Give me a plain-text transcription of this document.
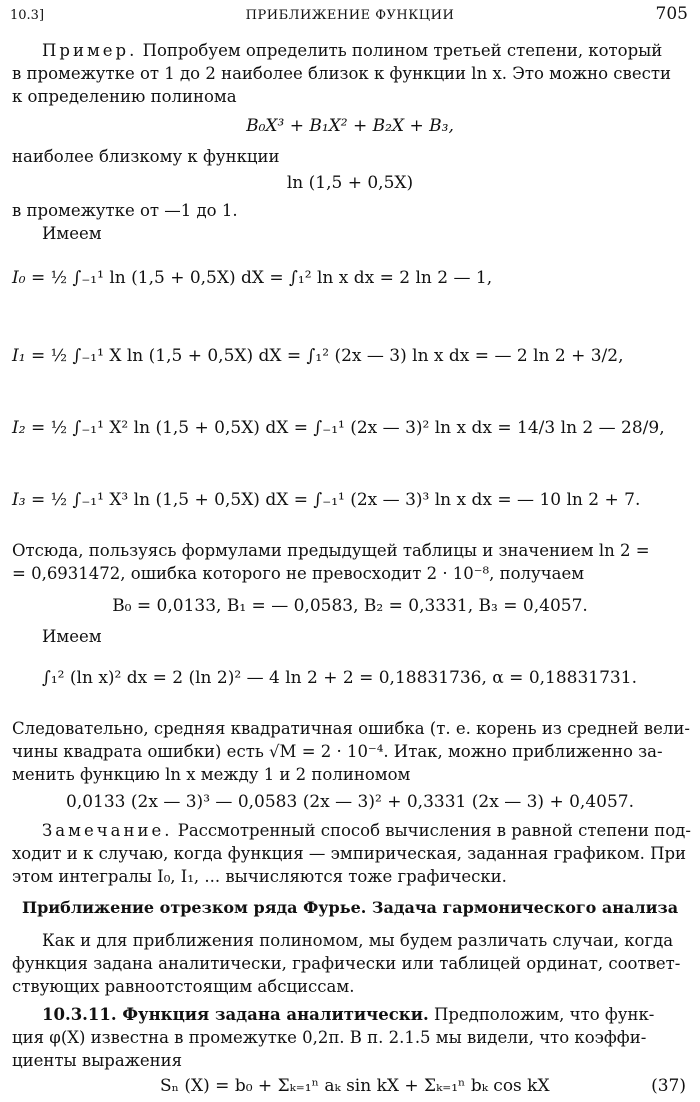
10.3]	ПРИБЛИЖЕНИЕ ФУНКЦИИ	705
Пример. Попробуем определить полином третьей степени, который
в промежутке от 1 до 2 наиболее близок к функции ln x. Это можно свести
к определению полинома
B₀X³ + B₁X² + B₂X + B₃,
наиболее близкому к функции
ln (1,5 + 0,5X)
в промежутке от —1 до 1.
Имеем
I₀ = ½ ∫₋₁¹ ln (1,5 + 0,5X) dX = ∫₁² ln x dx = 2 ln 2 — 1,
I₁ = ½ ∫₋₁¹ X ln (1,5 + 0,5X) dX = ∫₁² (2x — 3) ln x dx = — 2 ln 2 + 3/2,
I₂ = ½ ∫₋₁¹ X² ln (1,5 + 0,5X) dX = ∫₋₁¹ (2x — 3)² ln x dx = 14/3 ln 2 — 28/9,
I₃ = ½ ∫₋₁¹ X³ ln (1,5 + 0,5X) dX = ∫₋₁¹ (2x — 3)³ ln x dx = — 10 ln 2 + 7.
Отсюда, пользуясь формулами предыдущей таблицы и значением ln 2 =
= 0,6931472, ошибка которого не превосходит 2 · 10⁻⁸, получаем
B₀ = 0,0133, B₁ = — 0,0583, B₂ = 0,3331, B₃ = 0,4057.
Имеем
∫₁² (ln x)² dx = 2 (ln 2)² — 4 ln 2 + 2 = 0,18831736, α = 0,18831731.
Следовательно, средняя квадратичная ошибка (т. е. корень из средней вели-
чины квадрата ошибки) есть √M = 2 · 10⁻⁴. Итак, можно приближенно за-
менить функцию ln x между 1 и 2 полиномом
0,0133 (2x — 3)³ — 0,0583 (2x — 3)² + 0,3331 (2x — 3) + 0,4057.
Замечание. Рассмотренный способ вычисления в равной степени под-
ходит и к случаю, когда функция — эмпирическая, заданная графиком. При
этом интегралы I₀, I₁, ... вычисляются тоже графически.
Приближение отрезком ряда Фурье. Задача гармонического анализа
Как и для приближения полиномом, мы будем различать случаи, когда
функция задана аналитически, графически или таблицей ординат, соответ-
ствующих равноотстоящим абсциссам.
10.3.11. Функция задана аналитически. Предположим, что функ-
ция φ(X) известна в промежутке 0,2π. В п. 2.1.5 мы видели, что коэффи-
циенты выражения
Sₙ (X) = b₀ + Σₖ₌₁ⁿ aₖ sin kX + Σₖ₌₁ⁿ bₖ cos kX	(37)
